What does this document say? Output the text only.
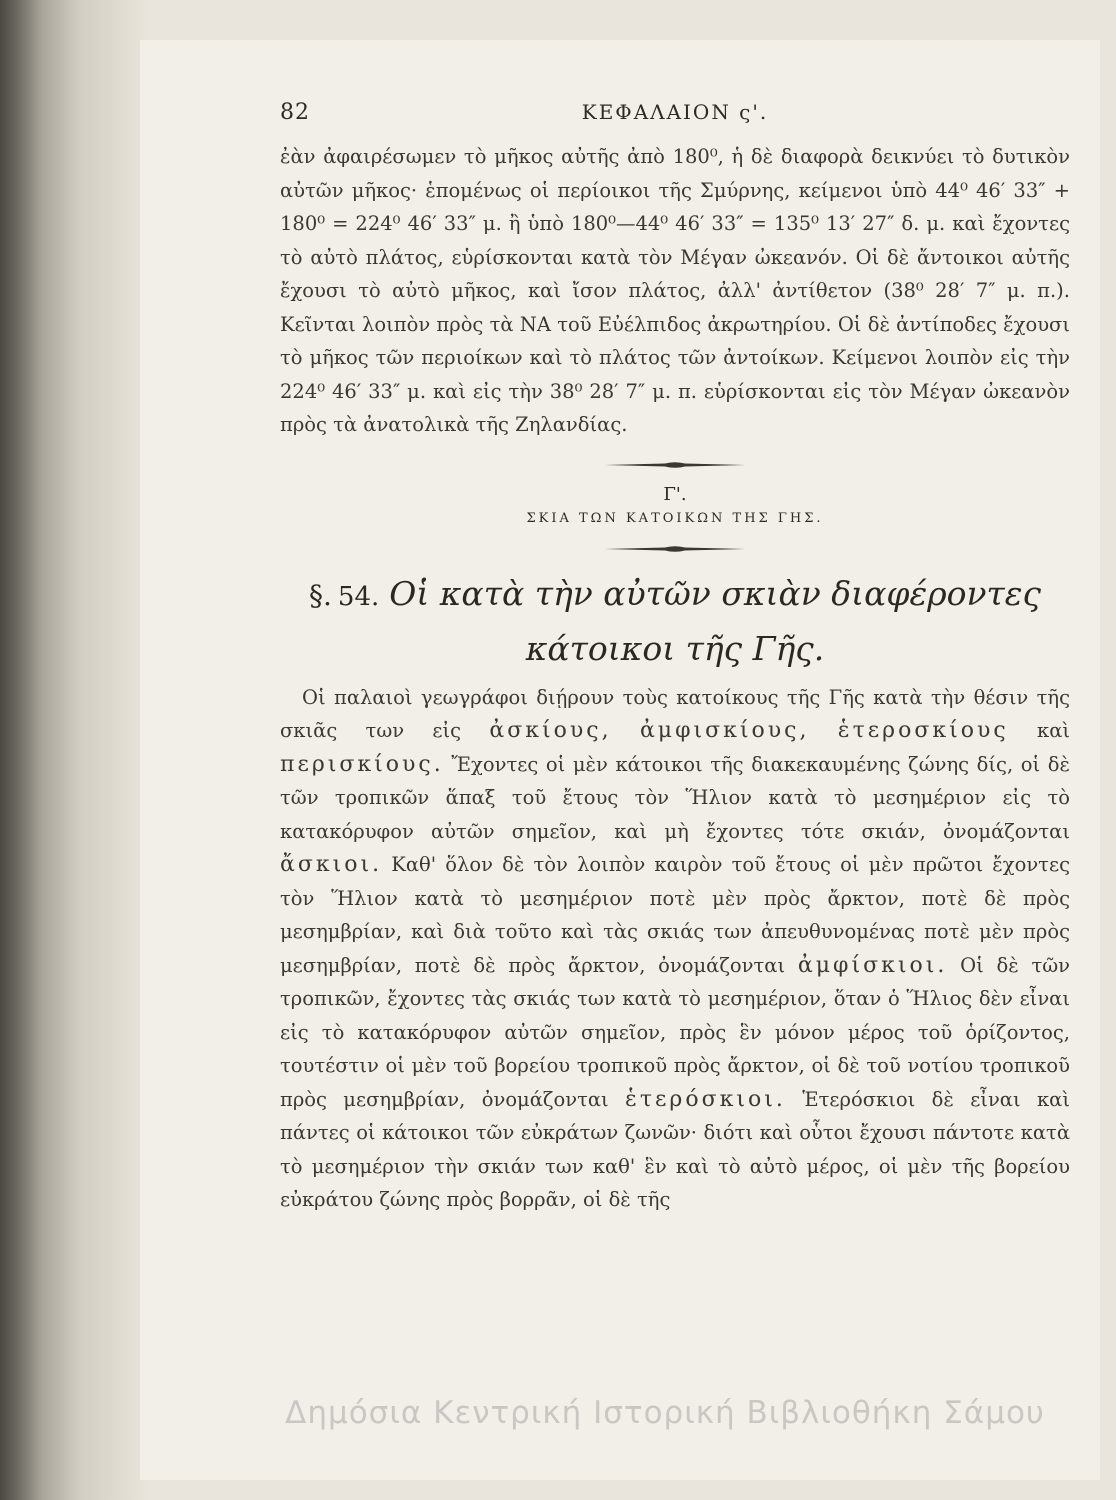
82	ΚΕΦΑΛΑΙΟΝ ς'.

ἐὰν ἀφαιρέσωμεν τὸ μῆκος αὐτῆς ἀπὸ 180⁰, ἡ δὲ διαφορὰ δεικνύει τὸ δυτικὸν αὐτῶν μῆκος· ἑπομένως οἱ περίοικοι τῆς Σμύρνης, κείμενοι ὑπὸ 44⁰ 46′ 33″ + 180⁰ = 224⁰ 46′ 33″ μ. ἢ ὑπὸ 180⁰—44⁰ 46′ 33″ = 135⁰ 13′ 27″ δ. μ. καὶ ἔχοντες τὸ αὐτὸ πλάτος, εὑρίσκονται κατὰ τὸν Μέγαν ὠκεανόν. Οἱ δὲ ἄντοικοι αὐτῆς ἔχουσι τὸ αὐτὸ μῆκος, καὶ ἴσον πλάτος, ἀλλ' ἀντίθετον (38⁰ 28′ 7″ μ. π.). Κεῖνται λοιπὸν πρὸς τὰ ΝΑ τοῦ Εὐέλπιδος ἀκρωτηρίου. Οἱ δὲ ἀντίποδες ἔχουσι τὸ μῆκος τῶν περιοίκων καὶ τὸ πλάτος τῶν ἀντοίκων. Κείμενοι λοιπὸν εἰς τὴν 224⁰ 46′ 33″ μ. καὶ εἰς τὴν 38⁰ 28′ 7″ μ. π. εὑρίσκονται εἰς τὸν Μέγαν ὠκεανὸν πρὸς τὰ ἀνατολικὰ τῆς Ζηλανδίας.

Γ'.
ΣΚΙΑ ΤΩΝ ΚΑΤΟΙΚΩΝ ΤΗΣ ΓΗΣ.
§. 54. Οἱ κατὰ τὴν αὐτῶν σκιὰν διαφέροντες
κάτοικοι τῆς Γῆς.

Οἱ παλαιοὶ γεωγράφοι διῄρουν τοὺς κατοίκους τῆς Γῆς κατὰ τὴν θέσιν τῆς σκιᾶς των εἰς ἀσκίους, ἀμφισκίους, ἑτεροσκίους καὶ περισκίους. Ἔχοντες οἱ μὲν κάτοικοι τῆς διακεκαυμένης ζώνης δίς, οἱ δὲ τῶν τροπικῶν ἅπαξ τοῦ ἔτους τὸν Ἥλιον κατὰ τὸ μεσημέριον εἰς τὸ κατακόρυφον αὐτῶν σημεῖον, καὶ μὴ ἔχοντες τότε σκιάν, ὀνομάζονται ἄσκιοι. Καθ' ὅλον δὲ τὸν λοιπὸν καιρὸν τοῦ ἔτους οἱ μὲν πρῶτοι ἔχοντες τὸν Ἥλιον κατὰ τὸ μεσημέριον ποτὲ μὲν πρὸς ἄρκτον, ποτὲ δὲ πρὸς μεσημβρίαν, καὶ διὰ τοῦτο καὶ τὰς σκιάς των ἀπευθυνομένας ποτὲ μὲν πρὸς μεσημβρίαν, ποτὲ δὲ πρὸς ἄρκτον, ὀνομάζονται ἀμφίσκιοι. Οἱ δὲ τῶν τροπικῶν, ἔχοντες τὰς σκιάς των κατὰ τὸ μεσημέριον, ὅταν ὁ Ἥλιος δὲν εἶναι εἰς τὸ κατακόρυφον αὐτῶν σημεῖον, πρὸς ἓν μόνον μέρος τοῦ ὁρίζοντος, τουτέστιν οἱ μὲν τοῦ βορείου τροπικοῦ πρὸς ἄρκτον, οἱ δὲ τοῦ νοτίου τροπικοῦ πρὸς μεσημβρίαν, ὀνομάζονται ἑτερόσκιοι. Ἑτερόσκιοι δὲ εἶναι καὶ πάντες οἱ κάτοικοι τῶν εὐκράτων ζωνῶν· διότι καὶ οὗτοι ἔχουσι πάντοτε κατὰ τὸ μεσημέριον τὴν σκιάν των καθ' ἓν καὶ τὸ αὐτὸ μέρος, οἱ μὲν τῆς βορείου εὐκράτου ζώνης πρὸς βορρᾶν, οἱ δὲ τῆς

Δημόσια Κεντρική Ιστορική Βιβλιοθήκη Σάμου
